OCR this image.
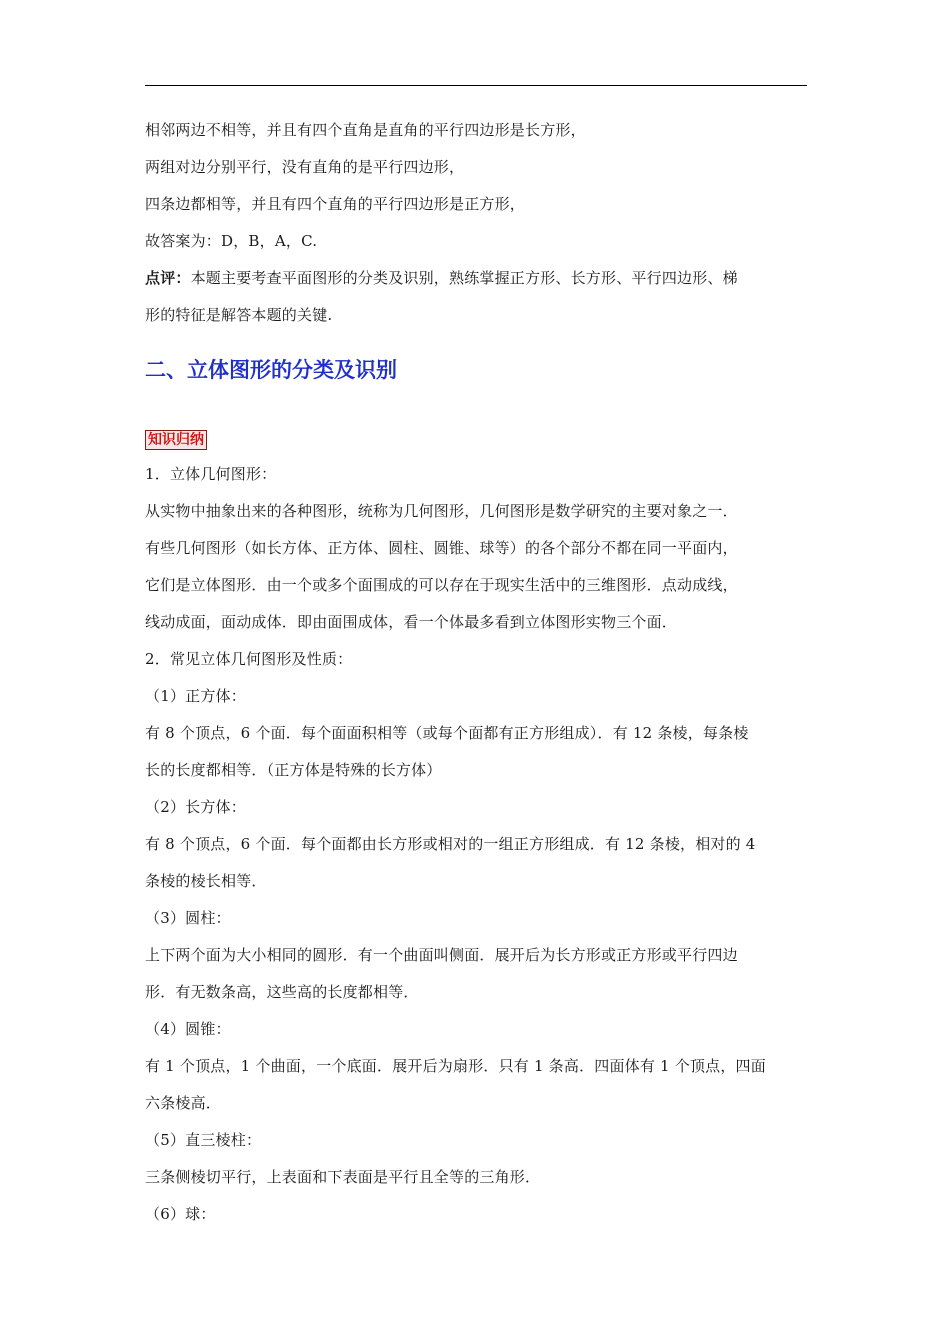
相邻两边不相等，并且有四个直角是直角的平行四边形是长方形，
两组对边分别平行，没有直角的是平行四边形，
四条边都相等，并且有四个直角的平行四边形是正方形，
故答案为：D，B，A，C.
点评：本题主要考查平面图形的分类及识别，熟练掌握正方形、长方形、平行四边形、梯
形的特征是解答本题的关键.
二、立体图形的分类及识别
知识归纳
1．立体几何图形：
从实物中抽象出来的各种图形，统称为几何图形，几何图形是数学研究的主要对象之一．
有些几何图形（如长方体、正方体、圆柱、圆锥、球等）的各个部分不都在同一平面内，
它们是立体图形．由一个或多个面围成的可以存在于现实生活中的三维图形．点动成线，
线动成面，面动成体．即由面围成体，看一个体最多看到立体图形实物三个面．
2．常见立体几何图形及性质：
（1）正方体：
有 8 个顶点，6 个面．每个面面积相等（或每个面都有正方形组成）．有 12 条棱，每条棱
长的长度都相等．（正方体是特殊的长方体）
（2）长方体：
有 8 个顶点，6 个面．每个面都由长方形或相对的一组正方形组成．有 12 条棱，相对的 4
条棱的棱长相等．
（3）圆柱：
上下两个面为大小相同的圆形．有一个曲面叫侧面．展开后为长方形或正方形或平行四边
形．有无数条高，这些高的长度都相等．
（4）圆锥：
有 1 个顶点，1 个曲面，一个底面．展开后为扇形．只有 1 条高．四面体有 1 个顶点，四面
六条棱高．
（5）直三棱柱：
三条侧棱切平行，上表面和下表面是平行且全等的三角形．
（6）球：
